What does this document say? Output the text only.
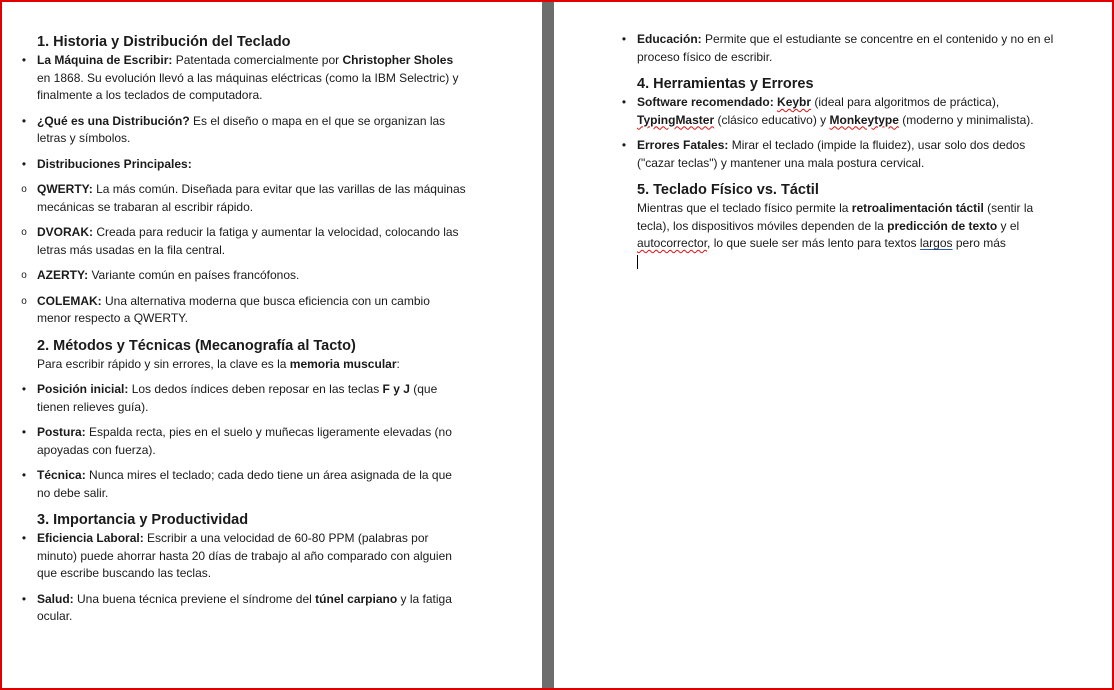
1. Historia y Distribución del Teclado
• La Máquina de Escribir: Patentada comercialmente por Christopher Sholes en 1868. Su evolución llevó a las máquinas eléctricas (como la IBM Selectric) y finalmente a los teclados de computadora.
• ¿Qué es una Distribución? Es el diseño o mapa en el que se organizan las letras y símbolos.
• Distribuciones Principales:
o QWERTY: La más común. Diseñada para evitar que las varillas de las máquinas mecánicas se trabaran al escribir rápido.
o DVORAK: Creada para reducir la fatiga y aumentar la velocidad, colocando las letras más usadas en la fila central.
o AZERTY: Variante común en países francófonos.
o COLEMAK: Una alternativa moderna que busca eficiencia con un cambio menor respecto a QWERTY.
2. Métodos y Técnicas (Mecanografía al Tacto)

Para escribir rápido y sin errores, la clave es la memoria muscular:

• Posición inicial: Los dedos índices deben reposar en las teclas F y J (que tienen relieves guía).
• Postura: Espalda recta, pies en el suelo y muñecas ligeramente elevadas (no apoyadas con fuerza).
• Técnica: Nunca mires el teclado; cada dedo tiene un área asignada de la que no debe salir.
3. Importancia y Productividad
• Eficiencia Laboral: Escribir a una velocidad de 60-80 PPM (palabras por minuto) puede ahorrar hasta 20 días de trabajo al año comparado con alguien que escribe buscando las teclas.
• Salud: Una buena técnica previene el síndrome del túnel carpiano y la fatiga ocular.
• Educación: Permite que el estudiante se concentre en el contenido y no en el proceso físico de escribir.
4. Herramientas y Errores
• Software recomendado: Keybr (ideal para algoritmos de práctica), TypingMaster (clásico educativo) y Monkeytype (moderno y minimalista).
• Errores Fatales: Mirar el teclado (impide la fluidez), usar solo dos dedos ("cazar teclas") y mantener una mala postura cervical.
5. Teclado Físico vs. Táctil

Mientras que el teclado físico permite la retroalimentación táctil (sentir la tecla), los dispositivos móviles dependen de la predicción de texto y el autocorrector, lo que suele ser más lento para textos largos pero más
